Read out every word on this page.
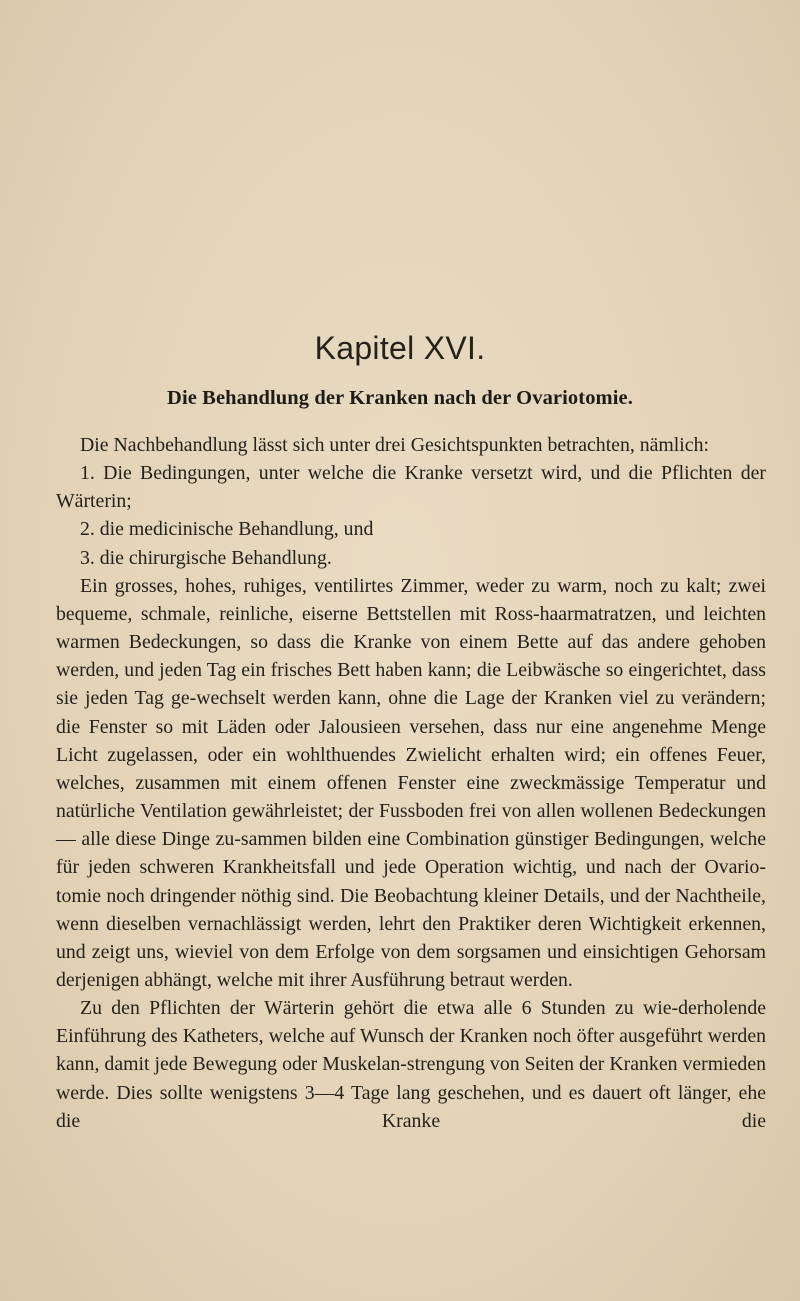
Kapitel XVI.
Die Behandlung der Kranken nach der Ovariotomie.

Die Nachbehandlung lässt sich unter drei Gesichtspunkten betrachten, nämlich:

1. Die Bedingungen, unter welche die Kranke versetzt wird, und die Pflichten der Wärterin;

2. die medicinische Behandlung, und

3. die chirurgische Behandlung.

Ein grosses, hohes, ruhiges, ventilirtes Zimmer, weder zu warm, noch zu kalt; zwei bequeme, schmale, reinliche, eiserne Bettstellen mit Ross-haarmatratzen, und leichten warmen Bedeckungen, so dass die Kranke von einem Bette auf das andere gehoben werden, und jeden Tag ein frisches Bett haben kann; die Leibwäsche so eingerichtet, dass sie jeden Tag ge-wechselt werden kann, ohne die Lage der Kranken viel zu verändern; die Fenster so mit Läden oder Jalousieen versehen, dass nur eine angenehme Menge Licht zugelassen, oder ein wohlthuendes Zwielicht erhalten wird; ein offenes Feuer, welches, zusammen mit einem offenen Fenster eine zweckmässige Temperatur und natürliche Ventilation gewährleistet; der Fussboden frei von allen wollenen Bedeckungen — alle diese Dinge zu-sammen bilden eine Combination günstiger Bedingungen, welche für jeden schweren Krankheitsfall und jede Operation wichtig, und nach der Ovario-tomie noch dringender nöthig sind. Die Beobachtung kleiner Details, und der Nachtheile, wenn dieselben vernachlässigt werden, lehrt den Praktiker deren Wichtigkeit erkennen, und zeigt uns, wieviel von dem Erfolge von dem sorgsamen und einsichtigen Gehorsam derjenigen abhängt, welche mit ihrer Ausführung betraut werden.

Zu den Pflichten der Wärterin gehört die etwa alle 6 Stunden zu wie-derholende Einführung des Katheters, welche auf Wunsch der Kranken noch öfter ausgeführt werden kann, damit jede Bewegung oder Muskelan-strengung von Seiten der Kranken vermieden werde. Dies sollte wenigstens 3—4 Tage lang geschehen, und es dauert oft länger, ehe die Kranke die
